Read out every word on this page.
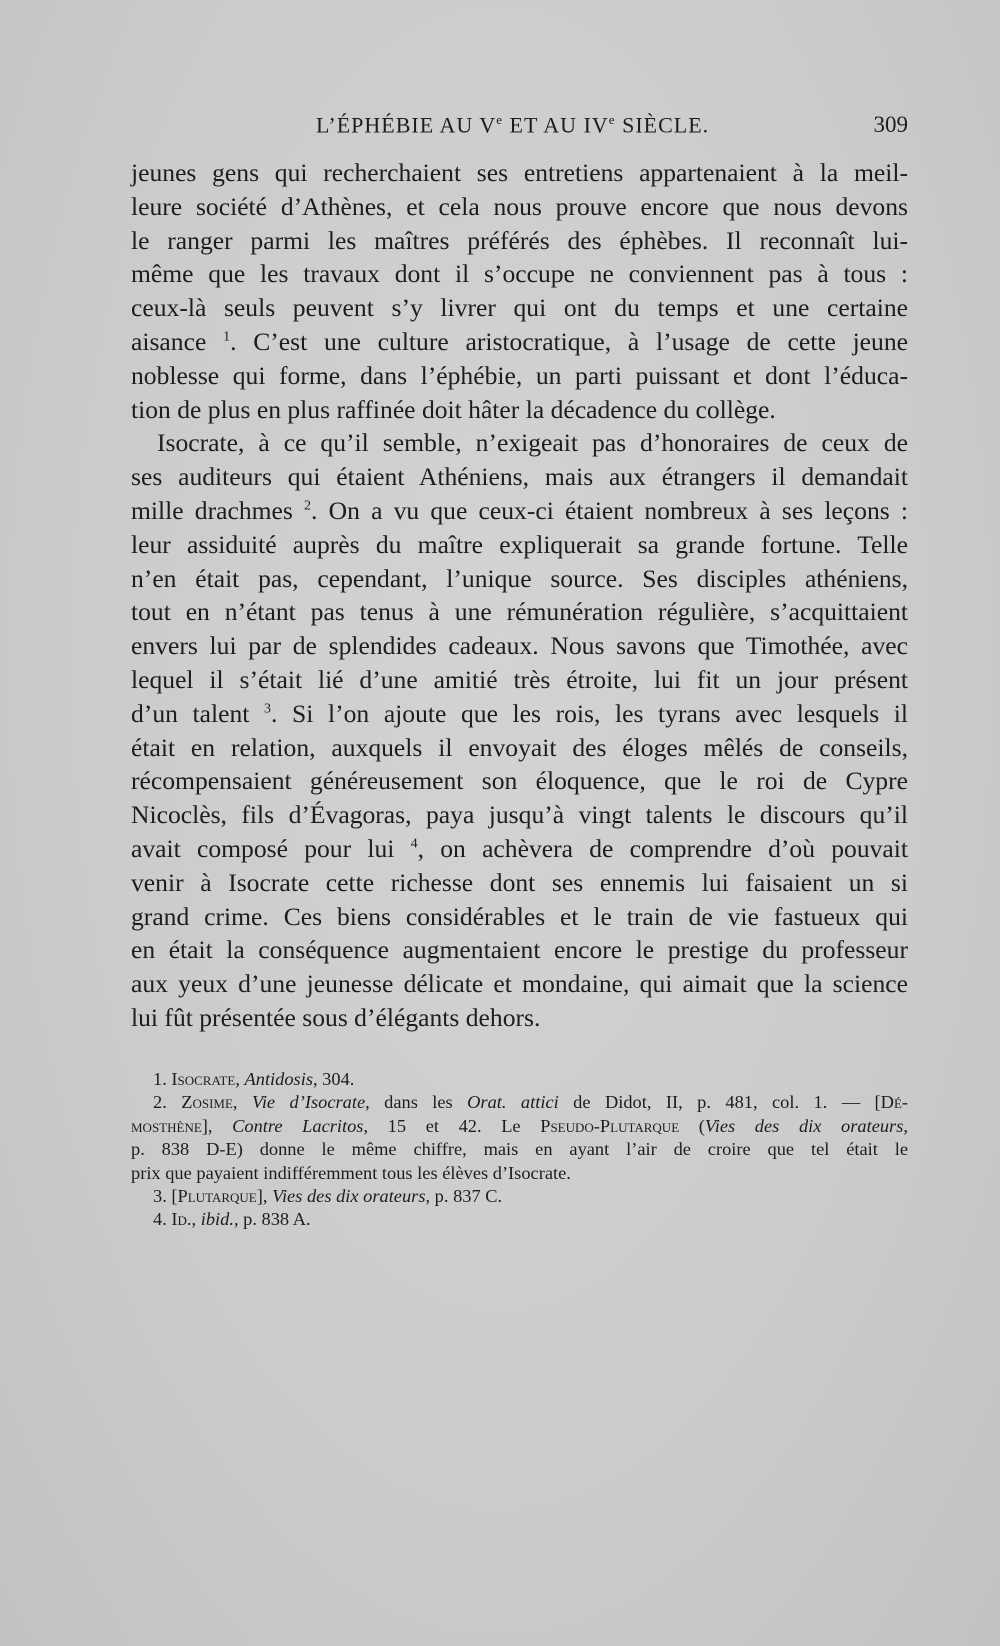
L’ÉPHÉBIE AU Ve ET AU IVe SIÈCLE.	309
jeunes gens qui recherchaient ses entretiens appartenaient à la meil-
leure société d’Athènes, et cela nous prouve encore que nous devons
le ranger parmi les maîtres préférés des éphèbes. Il reconnaît lui-
même que les travaux dont il s’occupe ne conviennent pas à tous :
ceux-là seuls peuvent s’y livrer qui ont du temps et une certaine
aisance $^1$. C’est une culture aristocratique, à l’usage de cette jeune
noblesse qui forme, dans l’éphébie, un parti puissant et dont l’éduca-
tion de plus en plus raffinée doit hâter la décadence du collège.
Isocrate, à ce qu’il semble, n’exigeait pas d’honoraires de ceux de
ses auditeurs qui étaient Athéniens, mais aux étrangers il demandait
mille drachmes $^2$. On a vu que ceux-ci étaient nombreux à ses leçons :
leur assiduité auprès du maître expliquerait sa grande fortune. Telle
n’en était pas, cependant, l’unique source. Ses disciples athéniens,
tout en n’étant pas tenus à une rémunération régulière, s’acquittaient
envers lui par de splendides cadeaux. Nous savons que Timothée, avec
lequel il s’était lié d’une amitié très étroite, lui fit un jour présent
d’un talent $^3$. Si l’on ajoute que les rois, les tyrans avec lesquels il
était en relation, auxquels il envoyait des éloges mêlés de conseils,
récompensaient généreusement son éloquence, que le roi de Cypre
Nicoclès, fils d’Évagoras, paya jusqu’à vingt talents le discours qu’il
avait composé pour lui $^4$, on achèvera de comprendre d’où pouvait
venir à Isocrate cette richesse dont ses ennemis lui faisaient un si
grand crime. Ces biens considérables et le train de vie fastueux qui
en était la conséquence augmentaient encore le prestige du professeur
aux yeux d’une jeunesse délicate et mondaine, qui aimait que la science
lui fût présentée sous d’élégants dehors.
1. Isocrate, Antidosis, 304.
2. Zosime, Vie d’Isocrate, dans les Orat. attici de Didot, II, p. 481, col. 1. — [Dé-
mosthène], Contre Lacritos, 15 et 42. Le Pseudo-Plutarque (Vies des dix orateurs,
p. 838 D-E) donne le même chiffre, mais en ayant l’air de croire que tel était le
prix que payaient indifféremment tous les élèves d’Isocrate.
3. [Plutarque], Vies des dix orateurs, p. 837 C.
4. Id., ibid., p. 838 A.
